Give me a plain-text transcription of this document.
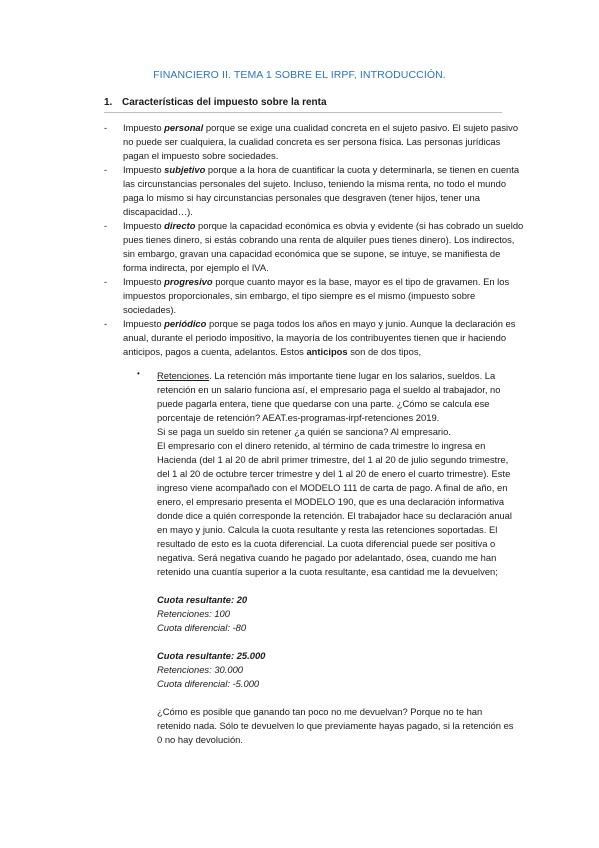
FINANCIERO II. TEMA 1 SOBRE EL IRPF, INTRODUCCIÓN.
1. Características del impuesto sobre la renta
- Impuesto personal porque se exige una cualidad concreta en el sujeto pasivo. El sujeto pasivo no puede ser cualquiera, la cualidad concreta es ser persona física. Las personas jurídicas pagan el impuesto sobre sociedades.
- Impuesto subjetivo porque a la hora de cuantificar la cuota y determinarla, se tienen en cuenta las circunstancias personales del sujeto. Incluso, teniendo la misma renta, no todo el mundo paga lo mismo si hay circunstancias personales que desgraven (tener hijos, tener una discapacidad…).
- Impuesto directo porque la capacidad económica es obvia y evidente (si has cobrado un sueldo pues tienes dinero, si estás cobrando una renta de alquiler pues tienes dinero). Los indirectos, sin embargo, gravan una capacidad económica que se supone, se intuye, se manifiesta de forma indirecta, por ejemplo el IVA.
- Impuesto progresivo porque cuanto mayor es la base, mayor es el tipo de gravamen. En los impuestos proporcionales, sin embargo, el tipo siempre es el mismo (impuesto sobre sociedades).
- Impuesto periódico porque se paga todos los años en mayo y junio. Aunque la declaración es anual, durante el periodo impositivo, la mayoría de los contribuyentes tienen que ir haciendo anticipos, pagos a cuenta, adelantos. Estos anticipos son de dos tipos,
• Retenciones. La retención más importante tiene lugar en los salarios, sueldos. La retención en un salario funciona así, el empresario paga el sueldo al trabajador, no puede pagarla entera, tiene que quedarse con una parte. ¿Cómo se calcula ese porcentaje de retención? AEAT.es-programas-irpf-retenciones 2019.

Si se paga un sueldo sin retener ¿a quién se sanciona? Al empresario.

El empresario con el dinero retenido, al término de cada trimestre lo ingresa en Hacienda (del 1 al 20 de abril primer trimestre, del 1 al 20 de julio segundo trimestre, del 1 al 20 de octubre tercer trimestre y del 1 al 20 de enero el cuarto trimestre). Este ingreso viene acompañado con el MODELO 111 de carta de pago. A final de año, en enero, el empresario presenta el MODELO 190, que es una declaración informativa donde dice a quién corresponde la retención. El trabajador hace su declaración anual en mayo y junio. Calcula la cuota resultante y resta las retenciones soportadas. El resultado de esto es la cuota diferencial. La cuota diferencial puede ser positiva o negativa. Será negativa cuando he pagado por adelantado, ósea, cuando me han retenido una cuantía superior a la cuota resultante, esa cantidad me la devuelven;

Cuota resultante: 20

Retenciones: 100

Cuota diferencial: -80

Cuota resultante: 25.000

Retenciones: 30.000

Cuota diferencial: -5.000

¿Cómo es posible que ganando tan poco no me devuelvan? Porque no te han retenido nada. Sólo te devuelven lo que previamente hayas pagado, si la retención es 0 no hay devolución.
